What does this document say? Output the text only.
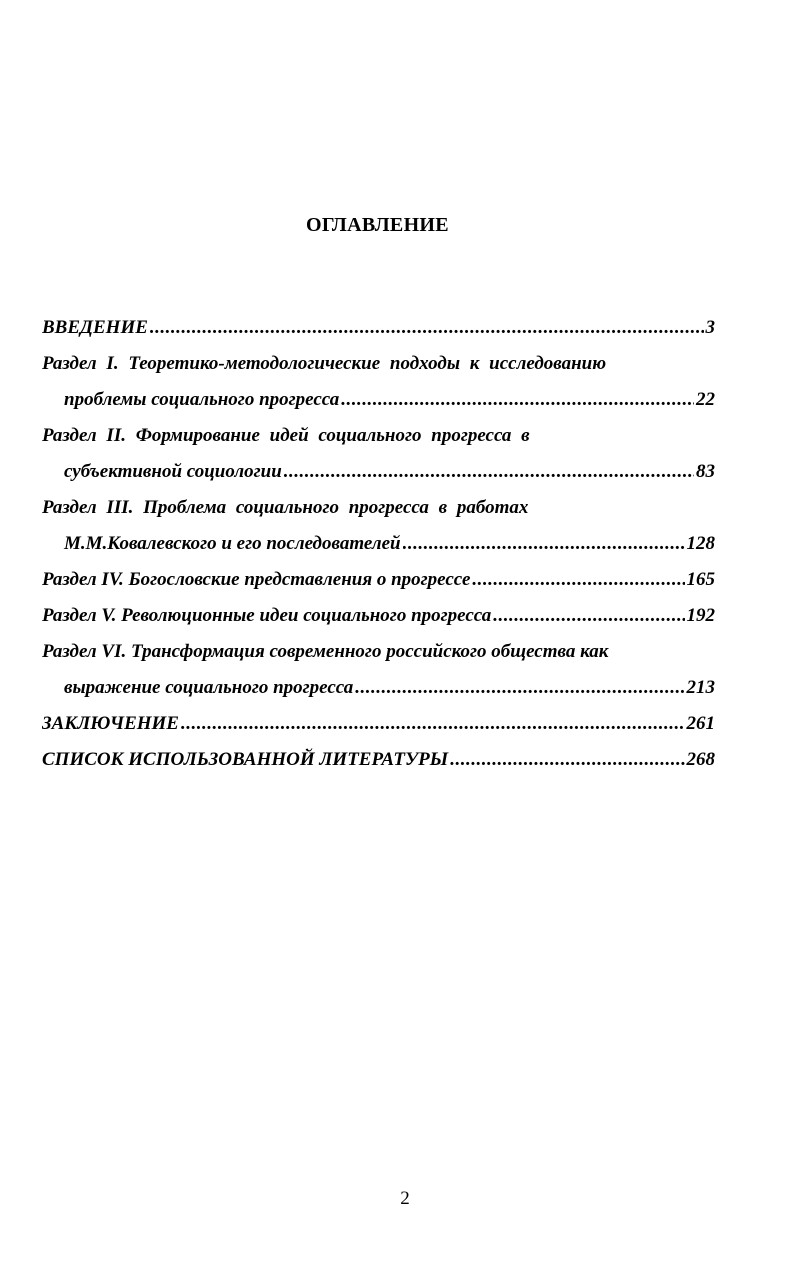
ОГЛАВЛЕНИЕ
ВВЕДЕНИЕ .....	3
Раздел I. Теоретико-методологические подходы к исследованию
проблемы социального прогресса .....	22
Раздел II. Формирование идей социального прогресса в
субъективной социологии .....	83
Раздел III. Проблема социального прогресса в работах
М.М.Ковалевского и его последователей .....	128
Раздел IV. Богословские представления о прогрессе .....	165
Раздел V. Революционные идеи социального прогресса .....	192
Раздел VI. Трансформация современного российского общества как
выражение социального прогресса .....	213
ЗАКЛЮЧЕНИЕ .....	261
СПИСОК ИСПОЛЬЗОВАННОЙ ЛИТЕРАТУРЫ .....	268
2
